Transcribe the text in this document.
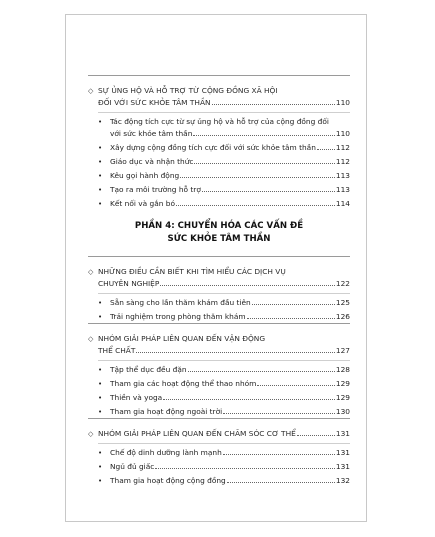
◇ SỰ ỦNG HỘ VÀ HỖ TRỢ TỪ CỘNG ĐỒNG XÃ HỘI
ĐỐI VỚI SỨC KHỎE TÂM THẦN	110
•	Tác động tích cực từ sự ủng hộ và hỗ trợ của cộng đồng đối
với sức khỏe tâm thần	110
•	Xây dựng cộng đồng tích cực đối với sức khỏe tâm thần	112
•	Giáo dục và nhận thức	112
•	Kêu gọi hành động	113
•	Tạo ra môi trường hỗ trợ	113
•	Kết nối và gắn bó	114
PHẦN 4: CHUYỂN HÓA CÁC VẤN ĐỀ
SỨC KHỎE TÂM THẦN
◇ NHỮNG ĐIỀU CẦN BIẾT KHI TÌM HIỂU CÁC DỊCH VỤ
CHUYÊN NGHIỆP	122
•	Sẵn sàng cho lần thăm khám đầu tiên	125
•	Trải nghiệm trong phòng thăm khám	126
◇ NHÓM GIẢI PHÁP LIÊN QUAN ĐẾN VẬN ĐỘNG
THỂ CHẤT	127
•	Tập thể dục đều đặn	128
•	Tham gia các hoạt động thể thao nhóm	129
•	Thiền và yoga	129
•	Tham gia hoạt động ngoài trời	130
◇ NHÓM GIẢI PHÁP LIÊN QUAN ĐẾN CHĂM SÓC CƠ THỂ	131
•	Chế độ dinh dưỡng lành mạnh	131
•	Ngủ đủ giấc	131
•	Tham gia hoạt động cộng đồng	132
